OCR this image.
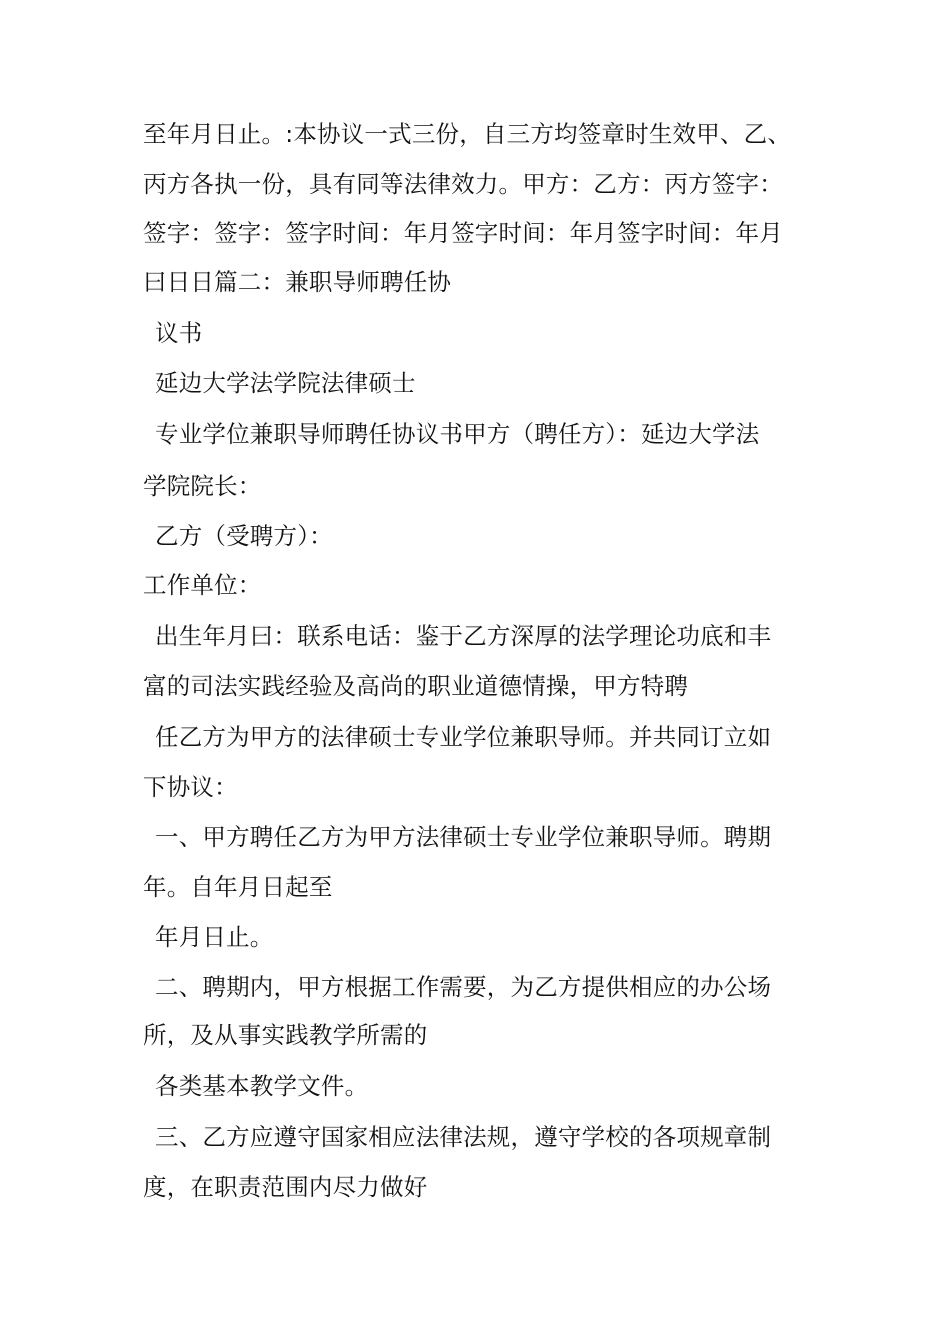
至年月日止。:本协议一式三份，自三方均签章时生效甲、乙、
丙方各执一份，具有同等法律效力。甲方：乙方：丙方签字：
签字：签字：签字时间：年月签字时间：年月签字时间：年月
曰日日篇二：兼职导师聘任协
议书
延边大学法学院法律硕士
专业学位兼职导师聘任协议书甲方（聘任方）：延边大学法
学院院长：
乙方（受聘方）：
工作单位：
出生年月曰：联系电话：鉴于乙方深厚的法学理论功底和丰
富的司法实践经验及高尚的职业道德情操，甲方特聘
任乙方为甲方的法律硕士专业学位兼职导师。并共同订立如
下协议：
一、甲方聘任乙方为甲方法律硕士专业学位兼职导师。聘期
年。自年月日起至
年月日止。
二、聘期内，甲方根据工作需要，为乙方提供相应的办公场
所，及从事实践教学所需的
各类基本教学文件。
三、乙方应遵守国家相应法律法规，遵守学校的各项规章制
度，在职责范围内尽力做好
